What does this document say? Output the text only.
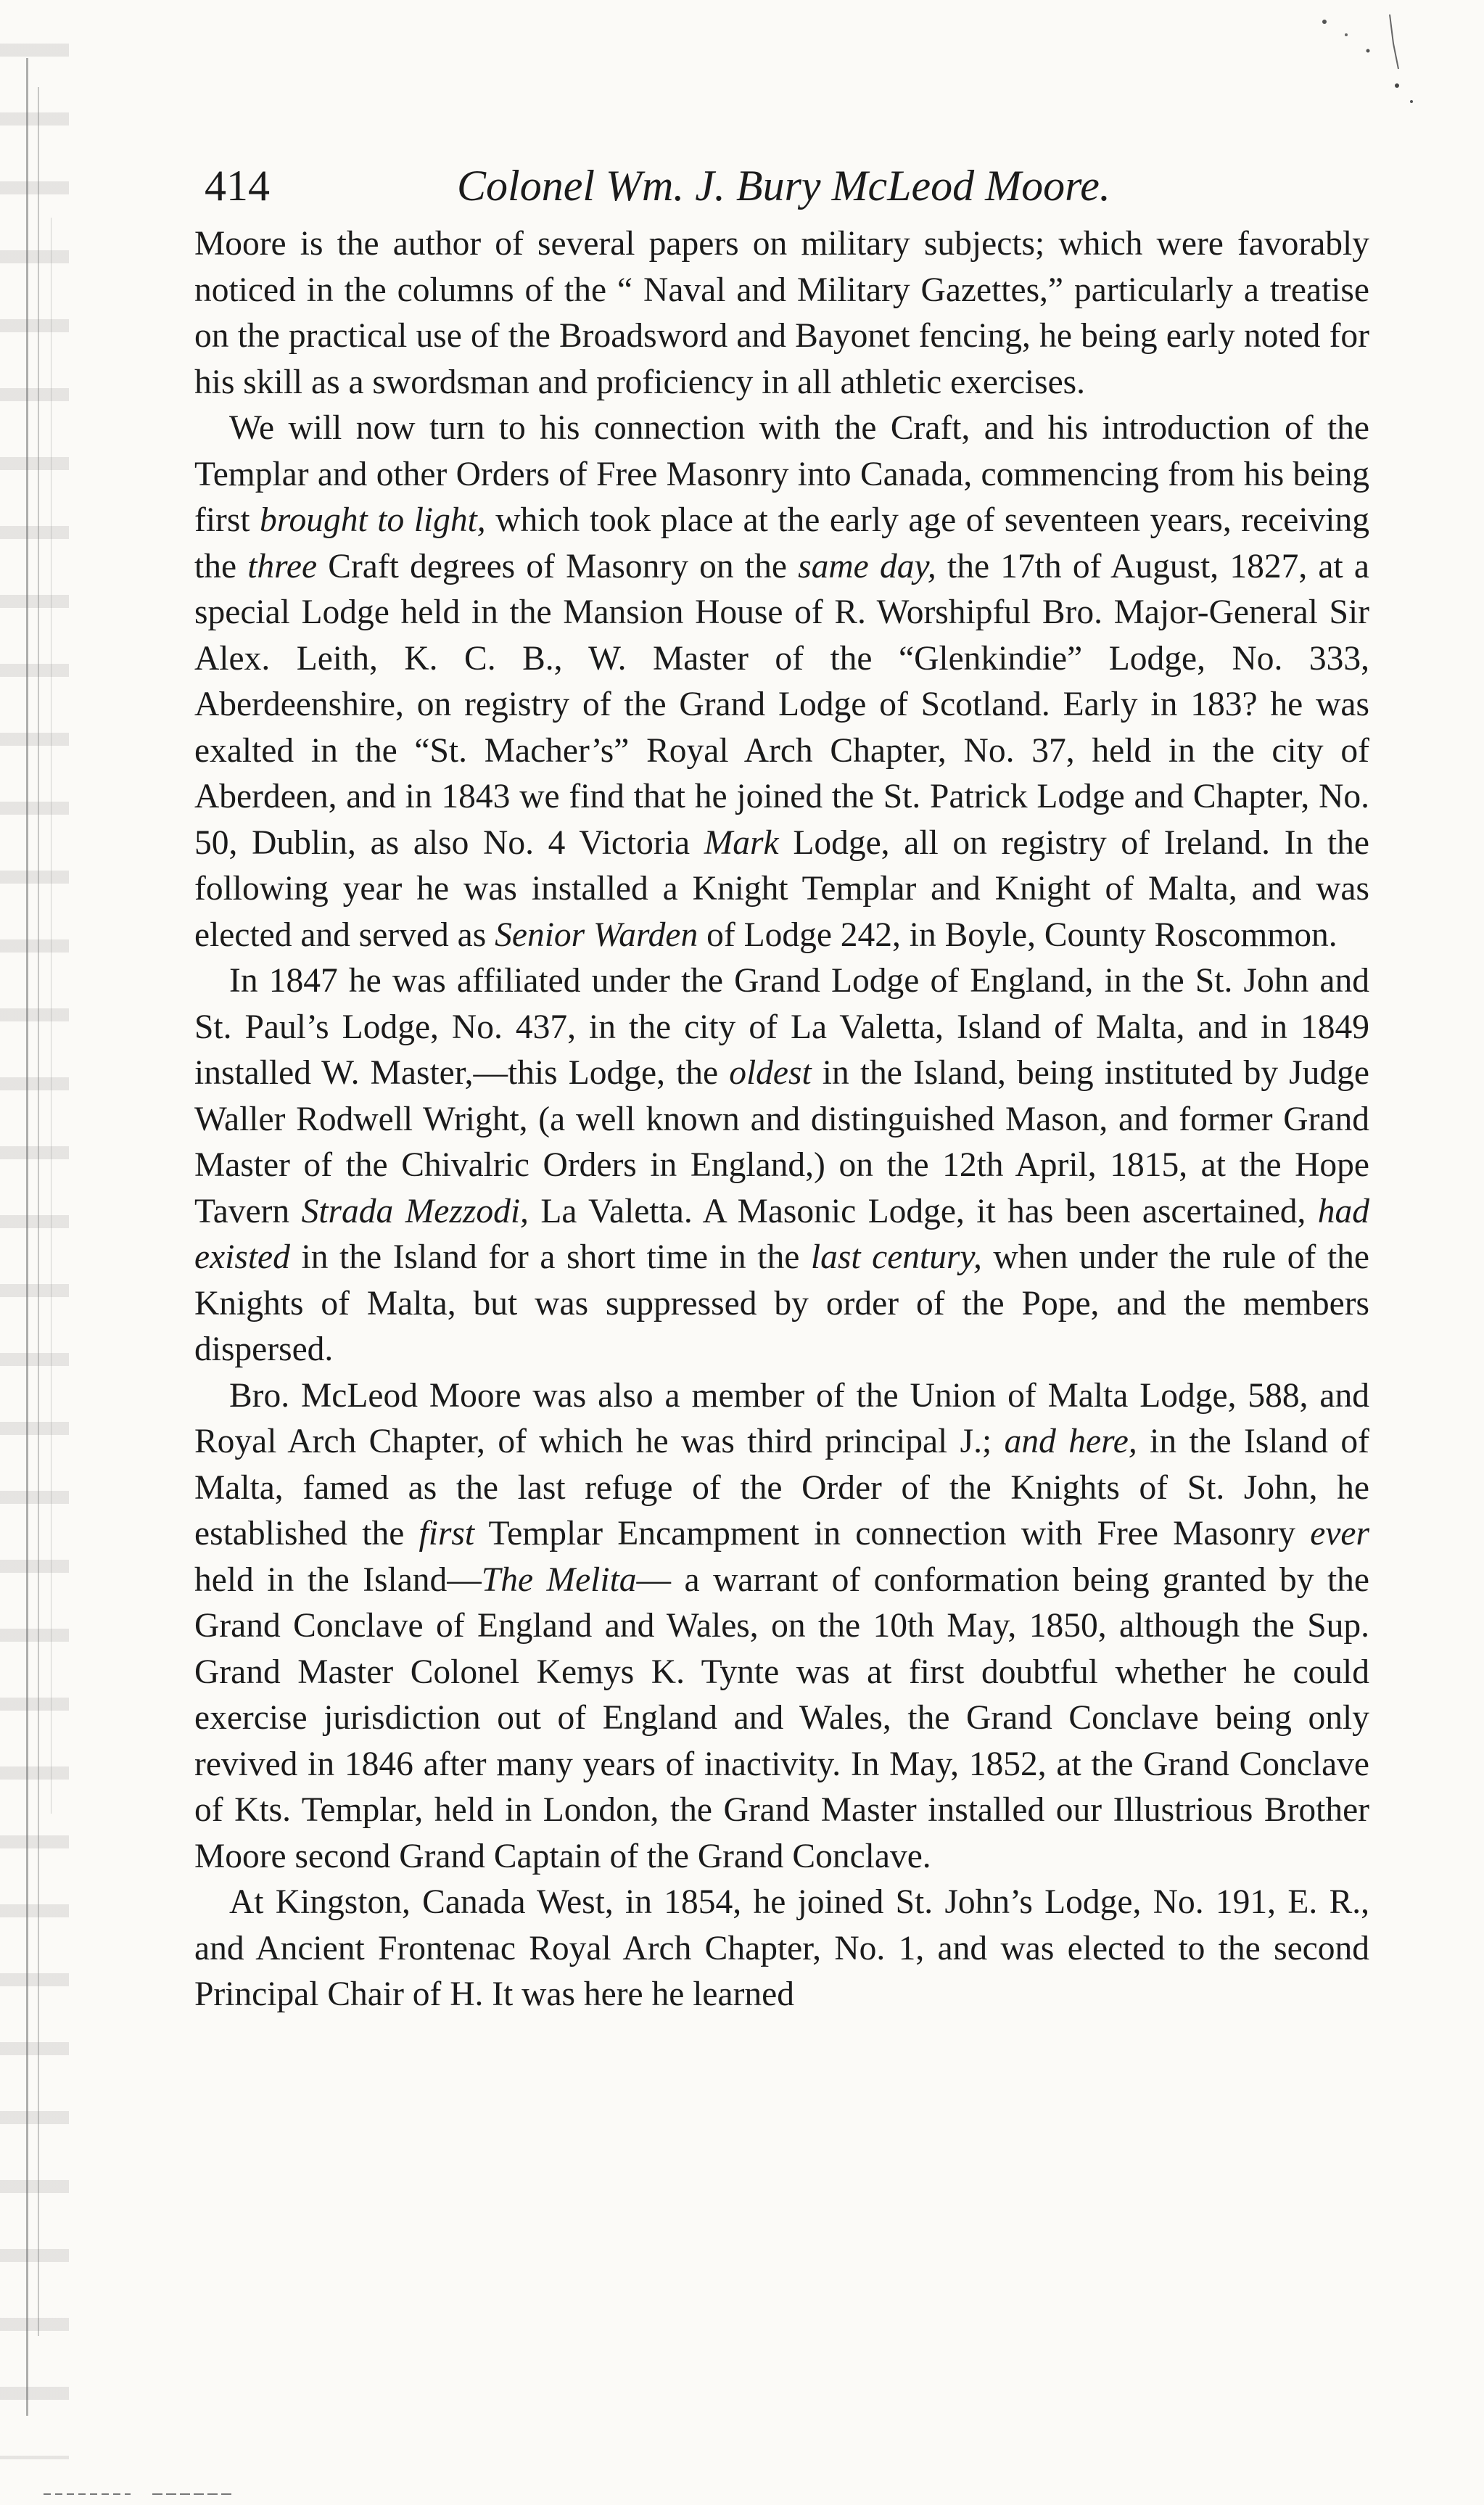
414	Colonel Wm. J. Bury McLeod Moore.

Moore is the author of several papers on military subjects; which were favorably noticed in the columns of the “ Naval and Military Gazettes,” particularly a treatise on the practical use of the Broadsword and Bayonet fencing, he being early noted for his skill as a swordsman and proficiency in all athletic exercises.

We will now turn to his connection with the Craft, and his introduction of the Templar and other Orders of Free Masonry into Canada, commencing from his being first brought to light, which took place at the early age of seventeen years, receiving the three Craft degrees of Masonry on the same day, the 17th of August, 1827, at a special Lodge held in the Mansion House of R. Worshipful Bro. Major-General Sir Alex. Leith, K. C. B., W. Master of the “Glenkindie” Lodge, No. 333, Aberdeenshire, on registry of the Grand Lodge of Scotland. Early in 183? he was exalted in the “St. Macher’s” Royal Arch Chapter, No. 37, held in the city of Aberdeen, and in 1843 we find that he joined the St. Patrick Lodge and Chapter, No. 50, Dublin, as also No. 4 Victoria Mark Lodge, all on registry of Ireland. In the following year he was installed a Knight Templar and Knight of Malta, and was elected and served as Senior Warden of Lodge 242, in Boyle, County Roscommon.

In 1847 he was affiliated under the Grand Lodge of England, in the St. John and St. Paul’s Lodge, No. 437, in the city of La Valetta, Island of Malta, and in 1849 installed W. Master,—this Lodge, the oldest in the Island, being instituted by Judge Waller Rodwell Wright, (a well known and distinguished Mason, and former Grand Master of the Chivalric Orders in England,) on the 12th April, 1815, at the Hope Tavern Strada Mezzodi, La Valetta. A Masonic Lodge, it has been ascertained, had existed in the Island for a short time in the last century, when under the rule of the Knights of Malta, but was suppressed by order of the Pope, and the members dispersed.

Bro. McLeod Moore was also a member of the Union of Malta Lodge, 588, and Royal Arch Chapter, of which he was third principal J.; and here, in the Island of Malta, famed as the last refuge of the Order of the Knights of St. John, he established the first Templar Encampment in connection with Free Masonry ever held in the Island—The Melita— a warrant of conformation being granted by the Grand Conclave of England and Wales, on the 10th May, 1850, although the Sup. Grand Master Colonel Kemys K. Tynte was at first doubtful whether he could exercise jurisdiction out of England and Wales, the Grand Conclave being only revived in 1846 after many years of inactivity. In May, 1852, at the Grand Conclave of Kts. Templar, held in London, the Grand Master installed our Illustrious Brother Moore second Grand Captain of the Grand Conclave.

At Kingston, Canada West, in 1854, he joined St. John’s Lodge, No. 191, E. R., and Ancient Frontenac Royal Arch Chapter, No. 1, and was elected to the second Principal Chair of H. It was here he learned
